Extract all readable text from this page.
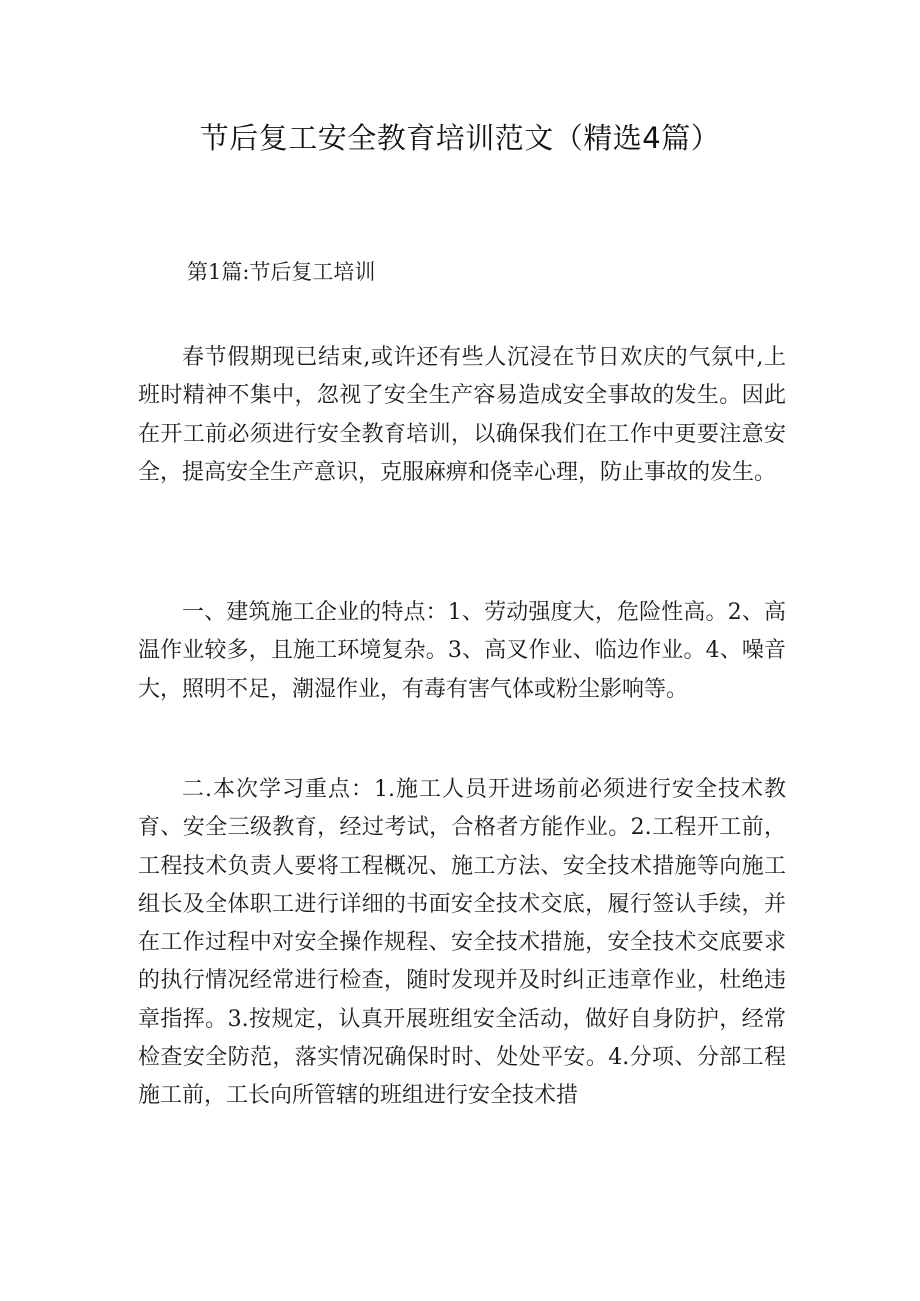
节后复工安全教育培训范文（精选4篇）
第1篇:节后复工培训

春节假期现已结束,或许还有些人沉浸在节日欢庆的气氛中,上班时精神不集中，忽视了安全生产容易造成安全事故的发生。因此在开工前必须进行安全教育培训，以确保我们在工作中更要注意安全，提高安全生产意识，克服麻痹和侥幸心理，防止事故的发生。

一、建筑施工企业的特点：1、劳动强度大，危险性高。2、高温作业较多，且施工环境复杂。3、高叉作业、临边作业。4、噪音大，照明不足，潮湿作业，有毒有害气体或粉尘影响等。

二.本次学习重点：1.施工人员开进场前必须进行安全技术教育、安全三级教育，经过考试，合格者方能作业。2.工程开工前，工程技术负责人要将工程概况、施工方法、安全技术措施等向施工组长及全体职工进行详细的书面安全技术交底，履行签认手续，并在工作过程中对安全操作规程、安全技术措施，安全技术交底要求的执行情况经常进行检查，随时发现并及时纠正违章作业，杜绝违章指挥。3.按规定，认真开展班组安全活动，做好自身防护，经常检查安全防范，落实情况确保时时、处处平安。4.分项、分部工程施工前，工长向所管辖的班组进行安全技术措
